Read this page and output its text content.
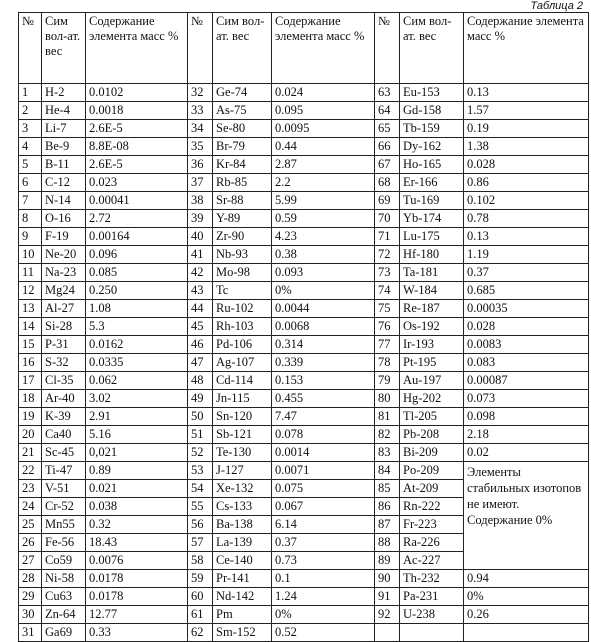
Таблица 2
№	Сим вол-ат. вес	Содержание элемента масс %	№	Сим вол-ат. вес	Содержание элемента масс %	№	Сим вол-ат. вес	Содержание элемента масс %
1	H-2	0.0102	32	Ge-74	0.024	63	Eu-153	0.13
2	He-4	0.0018	33	As-75	0.095	64	Gd-158	1.57
3	Li-7	2.6E-5	34	Se-80	0.0095	65	Tb-159	0.19
4	Be-9	8.8E-08	35	Br-79	0.44	66	Dy-162	1.38
5	B-11	2.6E-5	36	Kr-84	2.87	67	Ho-165	0.028
6	C-12	0.023	37	Rb-85	2.2	68	Er-166	0.86
7	N-14	0.00041	38	Sr-88	5.99	69	Tu-169	0.102
8	O-16	2.72	39	Y-89	0.59	70	Yb-174	0.78
9	F-19	0.00164	40	Zr-90	4.23	71	Lu-175	0.13
10	Ne-20	0.096	41	Nb-93	0.38	72	Hf-180	1.19
11	Na-23	0.085	42	Mo-98	0.093	73	Ta-181	0.37
12	Mg24	0.250	43	Tc	0%	74	W-184	0.685
13	Al-27	1.08	44	Ru-102	0.0044	75	Re-187	0.00035
14	Si-28	5.3	45	Rh-103	0.0068	76	Os-192	0.028
15	P-31	0.0162	46	Pd-106	0.314	77	Ir-193	0.0083
16	S-32	0.0335	47	Ag-107	0.339	78	Pt-195	0.083
17	Cl-35	0.062	48	Cd-114	0.153	79	Au-197	0.00087
18	Ar-40	3.02	49	Jn-115	0.455	80	Hg-202	0.073
19	K-39	2.91	50	Sn-120	7.47	81	Tl-205	0.098
20	Ca40	5.16	51	Sb-121	0.078	82	Pb-208	2.18
21	Sc-45	0,021	52	Te-130	0.0014	83	Bi-209	0.02
22	Ti-47	0.89	53	J-127	0.0071	84	Po-209	Элементы стабильных изотопов не имеют. Содержание 0%
23	V-51	0.021	54	Xe-132	0.075	85	At-209	
24	Cr-52	0.038	55	Cs-133	0.067	86	Rn-222	
25	Mn55	0.32	56	Ba-138	6.14	87	Fr-223	
26	Fe-56	18.43	57	La-139	0.37	88	Ra-226	
27	Co59	0.0076	58	Ce-140	0.73	89	Ac-227	
28	Ni-58	0.0178	59	Pr-141	0.1	90	Th-232	0.94
29	Cu63	0.0178	60	Nd-142	1.24	91	Pa-231	0%
30	Zn-64	12.77	61	Pm	0%	92	U-238	0.26
31	Ga69	0.33	62	Sm-152	0.52			
